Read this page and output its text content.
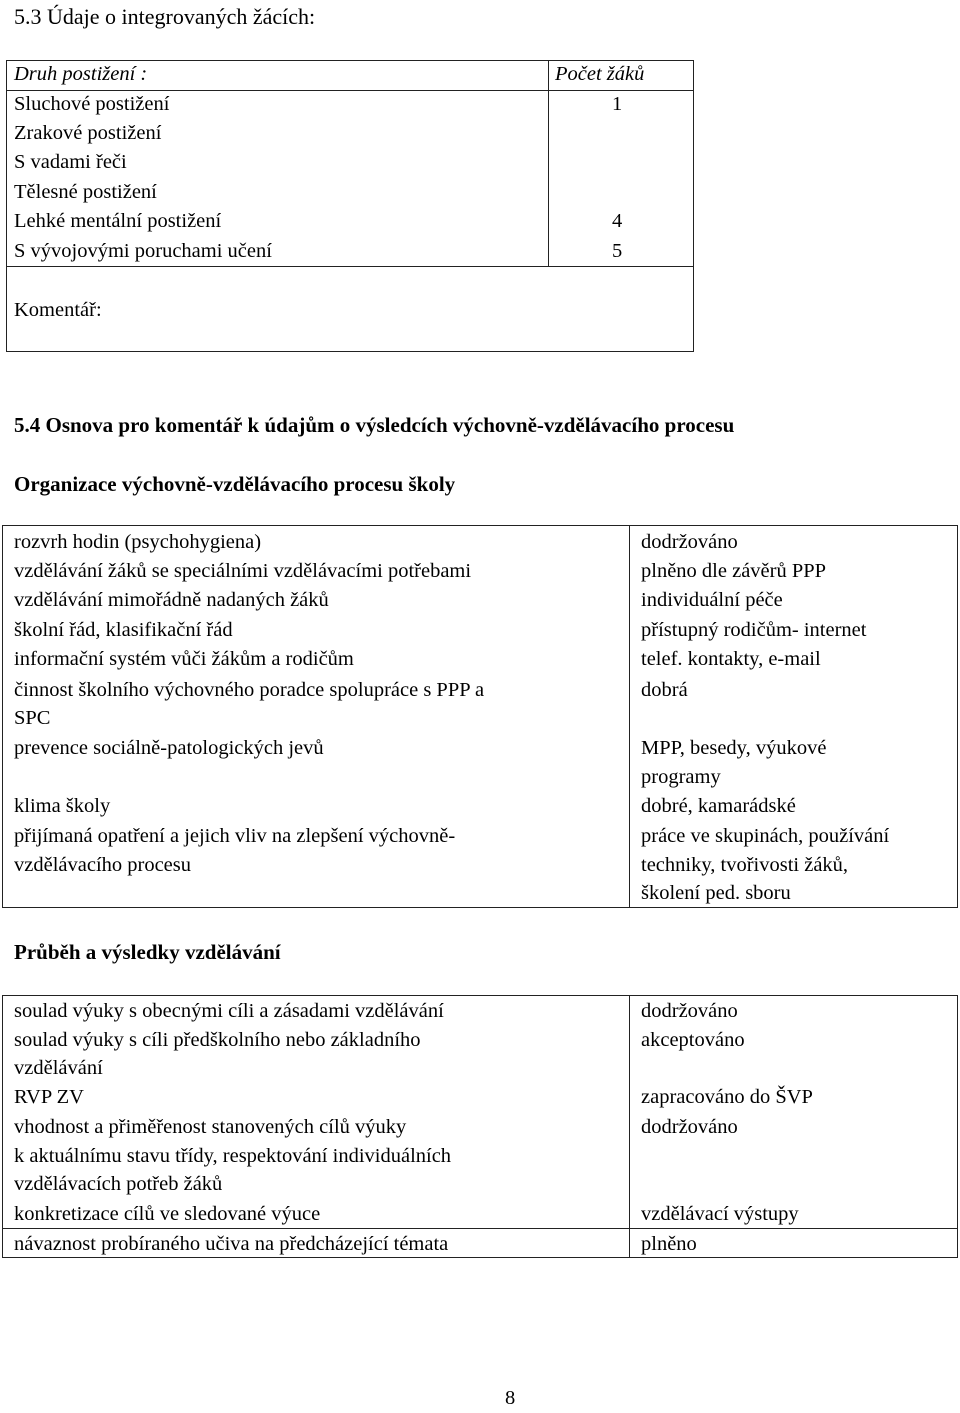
5.3 Údaje o integrovaných žácích:
Druh postižení :	Počet žáků
Sluchové postižení	1
Zrakové postižení
S vadami řeči
Tělesné postižení
Lehké mentální postižení	4
S vývojovými poruchami učení	5
Komentář:
5.4 Osnova pro komentář k údajům o výsledcích výchovně-vzdělávacího procesu
Organizace výchovně-vzdělávacího procesu školy
rozvrh hodin (psychohygiena)	dodržováno
vzdělávání žáků se speciálními vzdělávacími potřebami	plněno dle závěrů PPP
vzdělávání mimořádně nadaných žáků	individuální péče
školní řád, klasifikační řád	přístupný rodičům- internet
informační systém vůči žákům a rodičům	telef. kontakty, e-mail
činnost školního výchovného poradce spolupráce s PPP a	dobrá
SPC
prevence sociálně-patologických jevů	MPP, besedy, výukové
programy
klima školy	dobré, kamarádské
přijímaná opatření a jejich vliv na zlepšení výchovně-	práce ve skupinách, používání
vzdělávacího procesu	techniky, tvořivosti žáků,
školení ped. sboru
Průběh a výsledky vzdělávání
soulad výuky s obecnými cíli a zásadami vzdělávání	dodržováno
soulad výuky s cíli předškolního nebo základního	akceptováno
vzdělávání
RVP ZV	zapracováno do ŠVP
vhodnost a přiměřenost stanovených cílů výuky	dodržováno
k aktuálnímu stavu třídy, respektování individuálních
vzdělávacích potřeb žáků
konkretizace cílů ve sledované výuce	vzdělávací výstupy
návaznost probíraného učiva na předcházející témata	plněno
8
